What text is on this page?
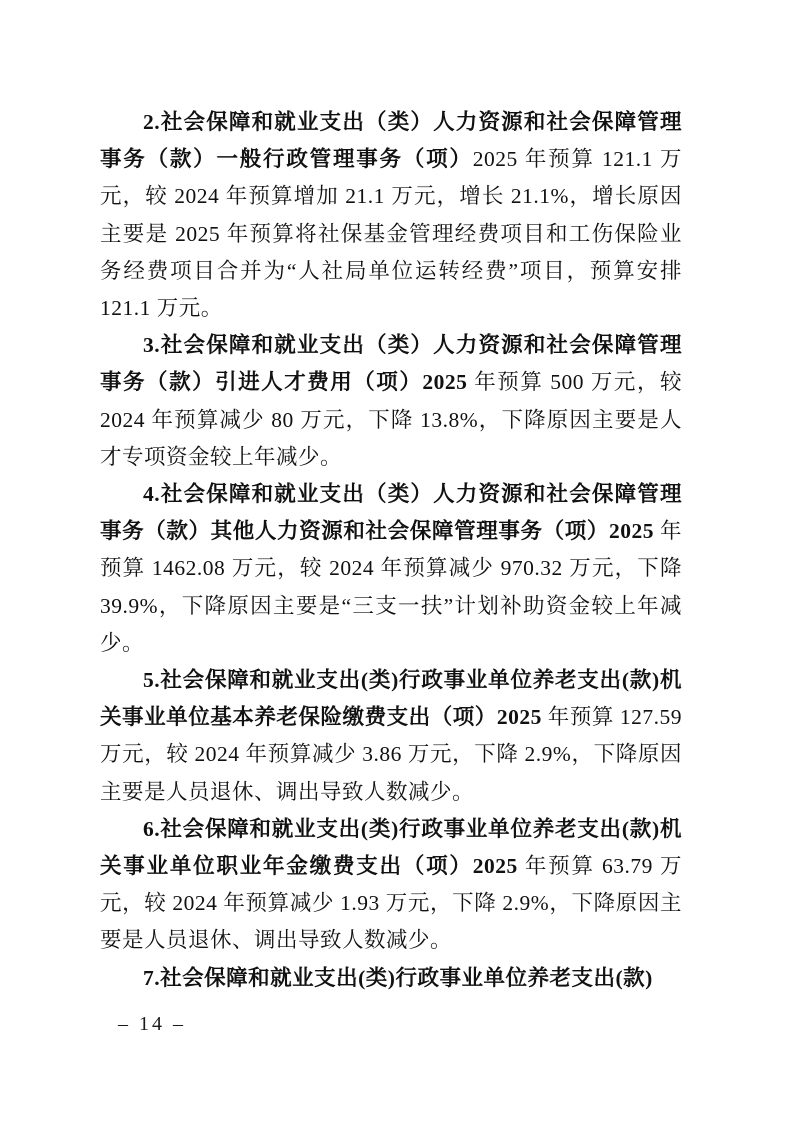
2.社会保障和就业支出（类）人力资源和社会保障管理事务（款）一般行政管理事务（项）2025 年预算 121.1 万元，较 2024 年预算增加 21.1 万元，增长 21.1%，增长原因主要是 2025 年预算将社保基金管理经费项目和工伤保险业务经费项目合并为“人社局单位运转经费”项目，预算安排 121.1 万元。

3.社会保障和就业支出（类）人力资源和社会保障管理事务（款）引进人才费用（项）2025 年预算 500 万元，较 2024 年预算减少 80 万元，下降 13.8%，下降原因主要是人才专项资金较上年减少。

4.社会保障和就业支出（类）人力资源和社会保障管理事务（款）其他人力资源和社会保障管理事务（项）2025 年预算 1462.08 万元，较 2024 年预算减少 970.32 万元，下降 39.9%，下降原因主要是“三支一扶”计划补助资金较上年减少。

5.社会保障和就业支出(类)行政事业单位养老支出(款)机关事业单位基本养老保险缴费支出（项）2025 年预算 127.59 万元，较 2024 年预算减少 3.86 万元，下降 2.9%，下降原因主要是人员退休、调出导致人数减少。

6.社会保障和就业支出(类)行政事业单位养老支出(款)机关事业单位职业年金缴费支出（项）2025 年预算 63.79 万元，较 2024 年预算减少 1.93 万元，下降 2.9%，下降原因主要是人员退休、调出导致人数减少。

7.社会保障和就业支出(类)行政事业单位养老支出(款)

– 14 –
